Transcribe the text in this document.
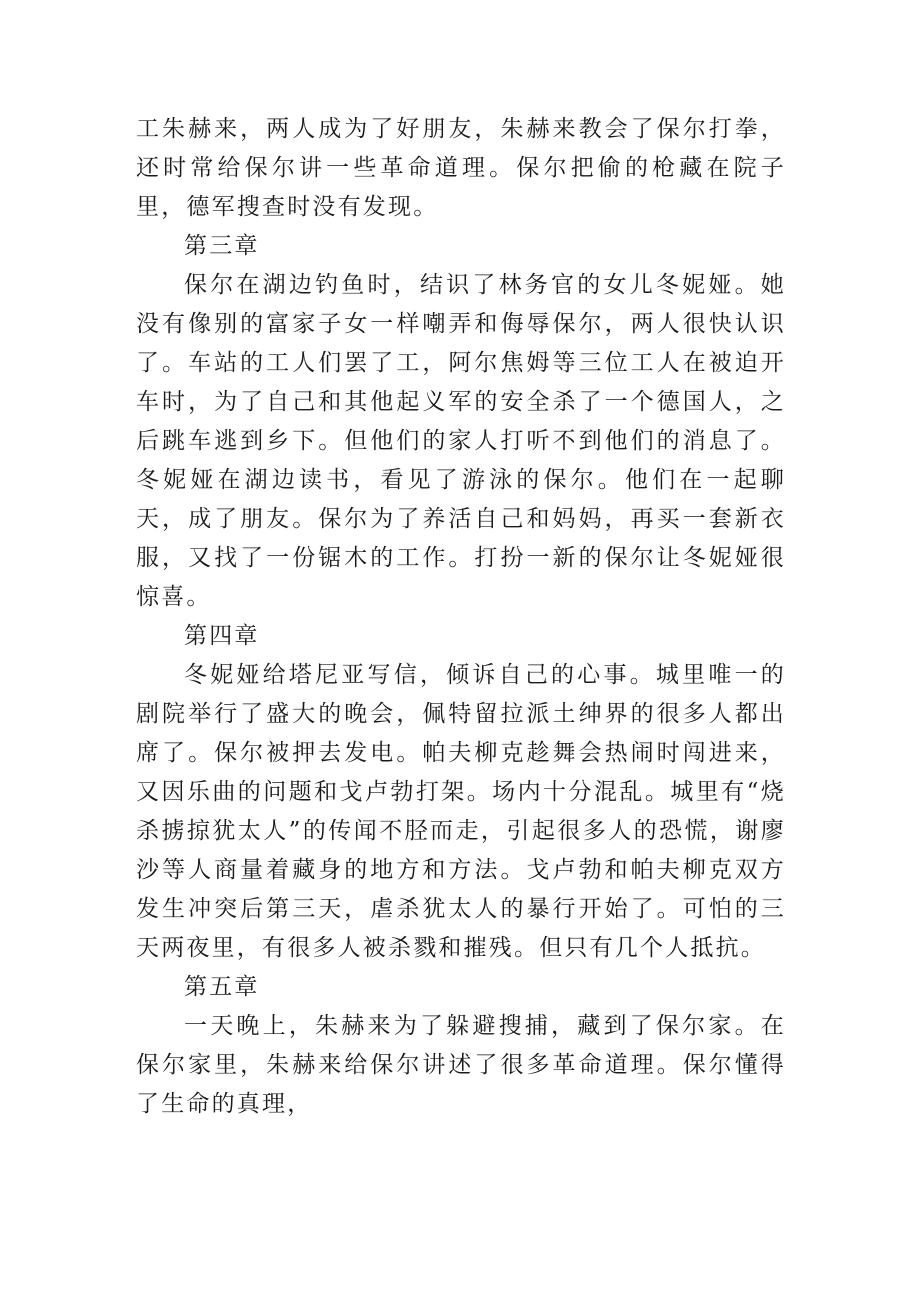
工朱赫来，两人成为了好朋友，朱赫来教会了保尔打拳，还时常给保尔讲一些革命道理。保尔把偷的枪藏在院子里，德军搜查时没有发现。

第三章

保尔在湖边钓鱼时，结识了林务官的女儿冬妮娅。她没有像别的富家子女一样嘲弄和侮辱保尔，两人很快认识了。车站的工人们罢了工，阿尔焦姆等三位工人在被迫开车时，为了自己和其他起义军的安全杀了一个德国人，之后跳车逃到乡下。但他们的家人打听不到他们的消息了。冬妮娅在湖边读书，看见了游泳的保尔。他们在一起聊天，成了朋友。保尔为了养活自己和妈妈，再买一套新衣服，又找了一份锯木的工作。打扮一新的保尔让冬妮娅很惊喜。

第四章

冬妮娅给塔尼亚写信，倾诉自己的心事。城里唯一的剧院举行了盛大的晚会，佩特留拉派土绅界的很多人都出席了。保尔被押去发电。帕夫柳克趁舞会热闹时闯进来，又因乐曲的问题和戈卢勃打架。场内十分混乱。城里有“烧杀掳掠犹太人”的传闻不胫而走，引起很多人的恐慌，谢廖沙等人商量着藏身的地方和方法。戈卢勃和帕夫柳克双方发生冲突后第三天，虐杀犹太人的暴行开始了。可怕的三天两夜里，有很多人被杀戮和摧残。但只有几个人抵抗。

第五章

一天晚上，朱赫来为了躲避搜捕，藏到了保尔家。在保尔家里，朱赫来给保尔讲述了很多革命道理。保尔懂得了生命的真理，
